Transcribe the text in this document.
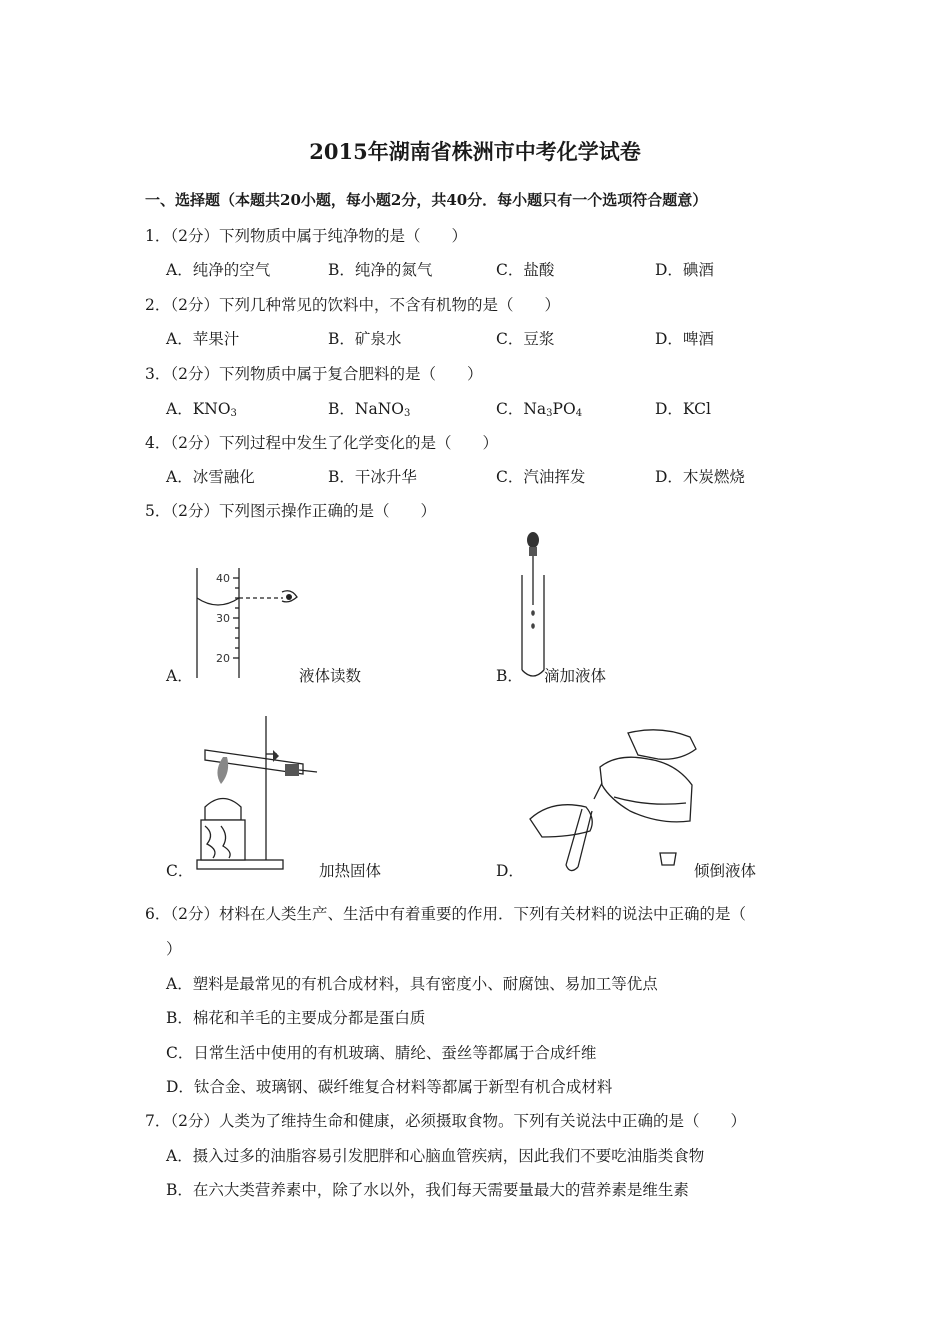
2015年湖南省株洲市中考化学试卷
一、选择题（本题共20小题，每小题2分，共40分．每小题只有一个选项符合题意）
1．（2分）下列物质中属于纯净物的是（　　）
A．纯净的空气	B．纯净的氮气	C．盐酸	D．碘酒
2．（2分）下列几种常见的饮料中，不含有机物的是（　　）
A．苹果汁	B．矿泉水	C．豆浆	D．啤酒
3．（2分）下列物质中属于复合肥料的是（　　）
A．$KNO_3$	B．NaNO$_3$	C．$Na_3PO_4$	D．KCl
4．（2分）下列过程中发生了化学变化的是（　　）
A．冰雪融化	B．干冰升华	C．汽油挥发	D．木炭燃烧
5．（2分）下列图示操作正确的是（　　）
40
30
20
A．	液体读数	B． 滴加液体
C．	加热固体	D．	倾倒液体
6．（2分）材料在人类生产、生活中有着重要的作用．下列有关材料的说法中正确的是（
）
A．塑料是最常见的有机合成材料，具有密度小、耐腐蚀、易加工等优点
B．棉花和羊毛的主要成分都是蛋白质
C．日常生活中使用的有机玻璃、腈纶、蚕丝等都属于合成纤维
D．钛合金、玻璃钢、碳纤维复合材料等都属于新型有机合成材料
7．（2分）人类为了维持生命和健康，必须摄取食物。下列有关说法中正确的是（　　）
A．摄入过多的油脂容易引发肥胖和心脑血管疾病，因此我们不要吃油脂类食物
B．在六大类营养素中，除了水以外，我们每天需要量最大的营养素是维生素
